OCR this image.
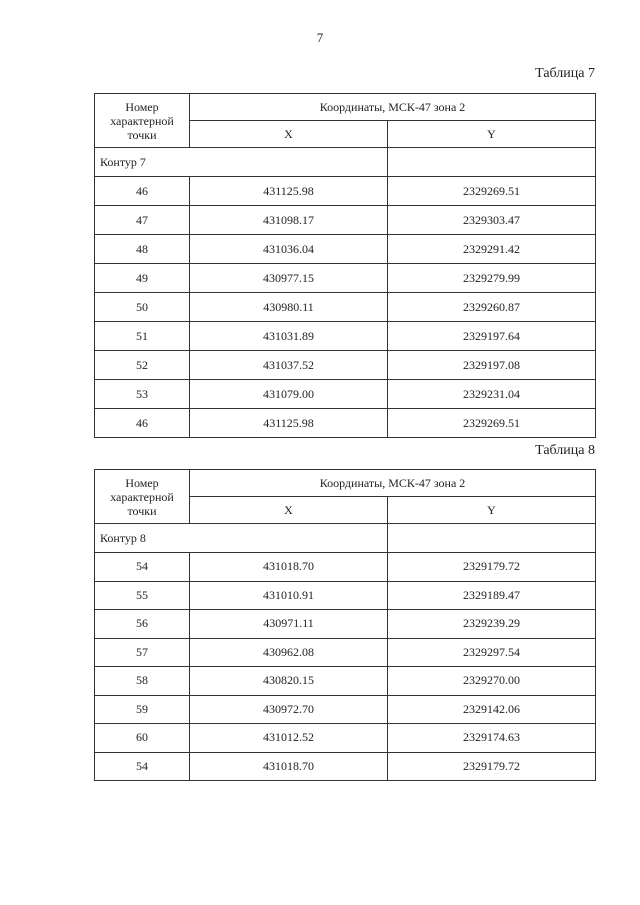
7
Таблица 7
Номер характерной точки	Координаты, МСК-47 зона 2	
	X	Y
Контур 7		
46	431125.98	2329269.51
47	431098.17	2329303.47
48	431036.04	2329291.42
49	430977.15	2329279.99
50	430980.11	2329260.87
51	431031.89	2329197.64
52	431037.52	2329197.08
53	431079.00	2329231.04
46	431125.98	2329269.51
Таблица 8
Номер характерной точки	Координаты, МСК-47 зона 2	
	X	Y
Контур 8		
54	431018.70	2329179.72
55	431010.91	2329189.47
56	430971.11	2329239.29
57	430962.08	2329297.54
58	430820.15	2329270.00
59	430972.70	2329142.06
60	431012.52	2329174.63
54	431018.70	2329179.72
